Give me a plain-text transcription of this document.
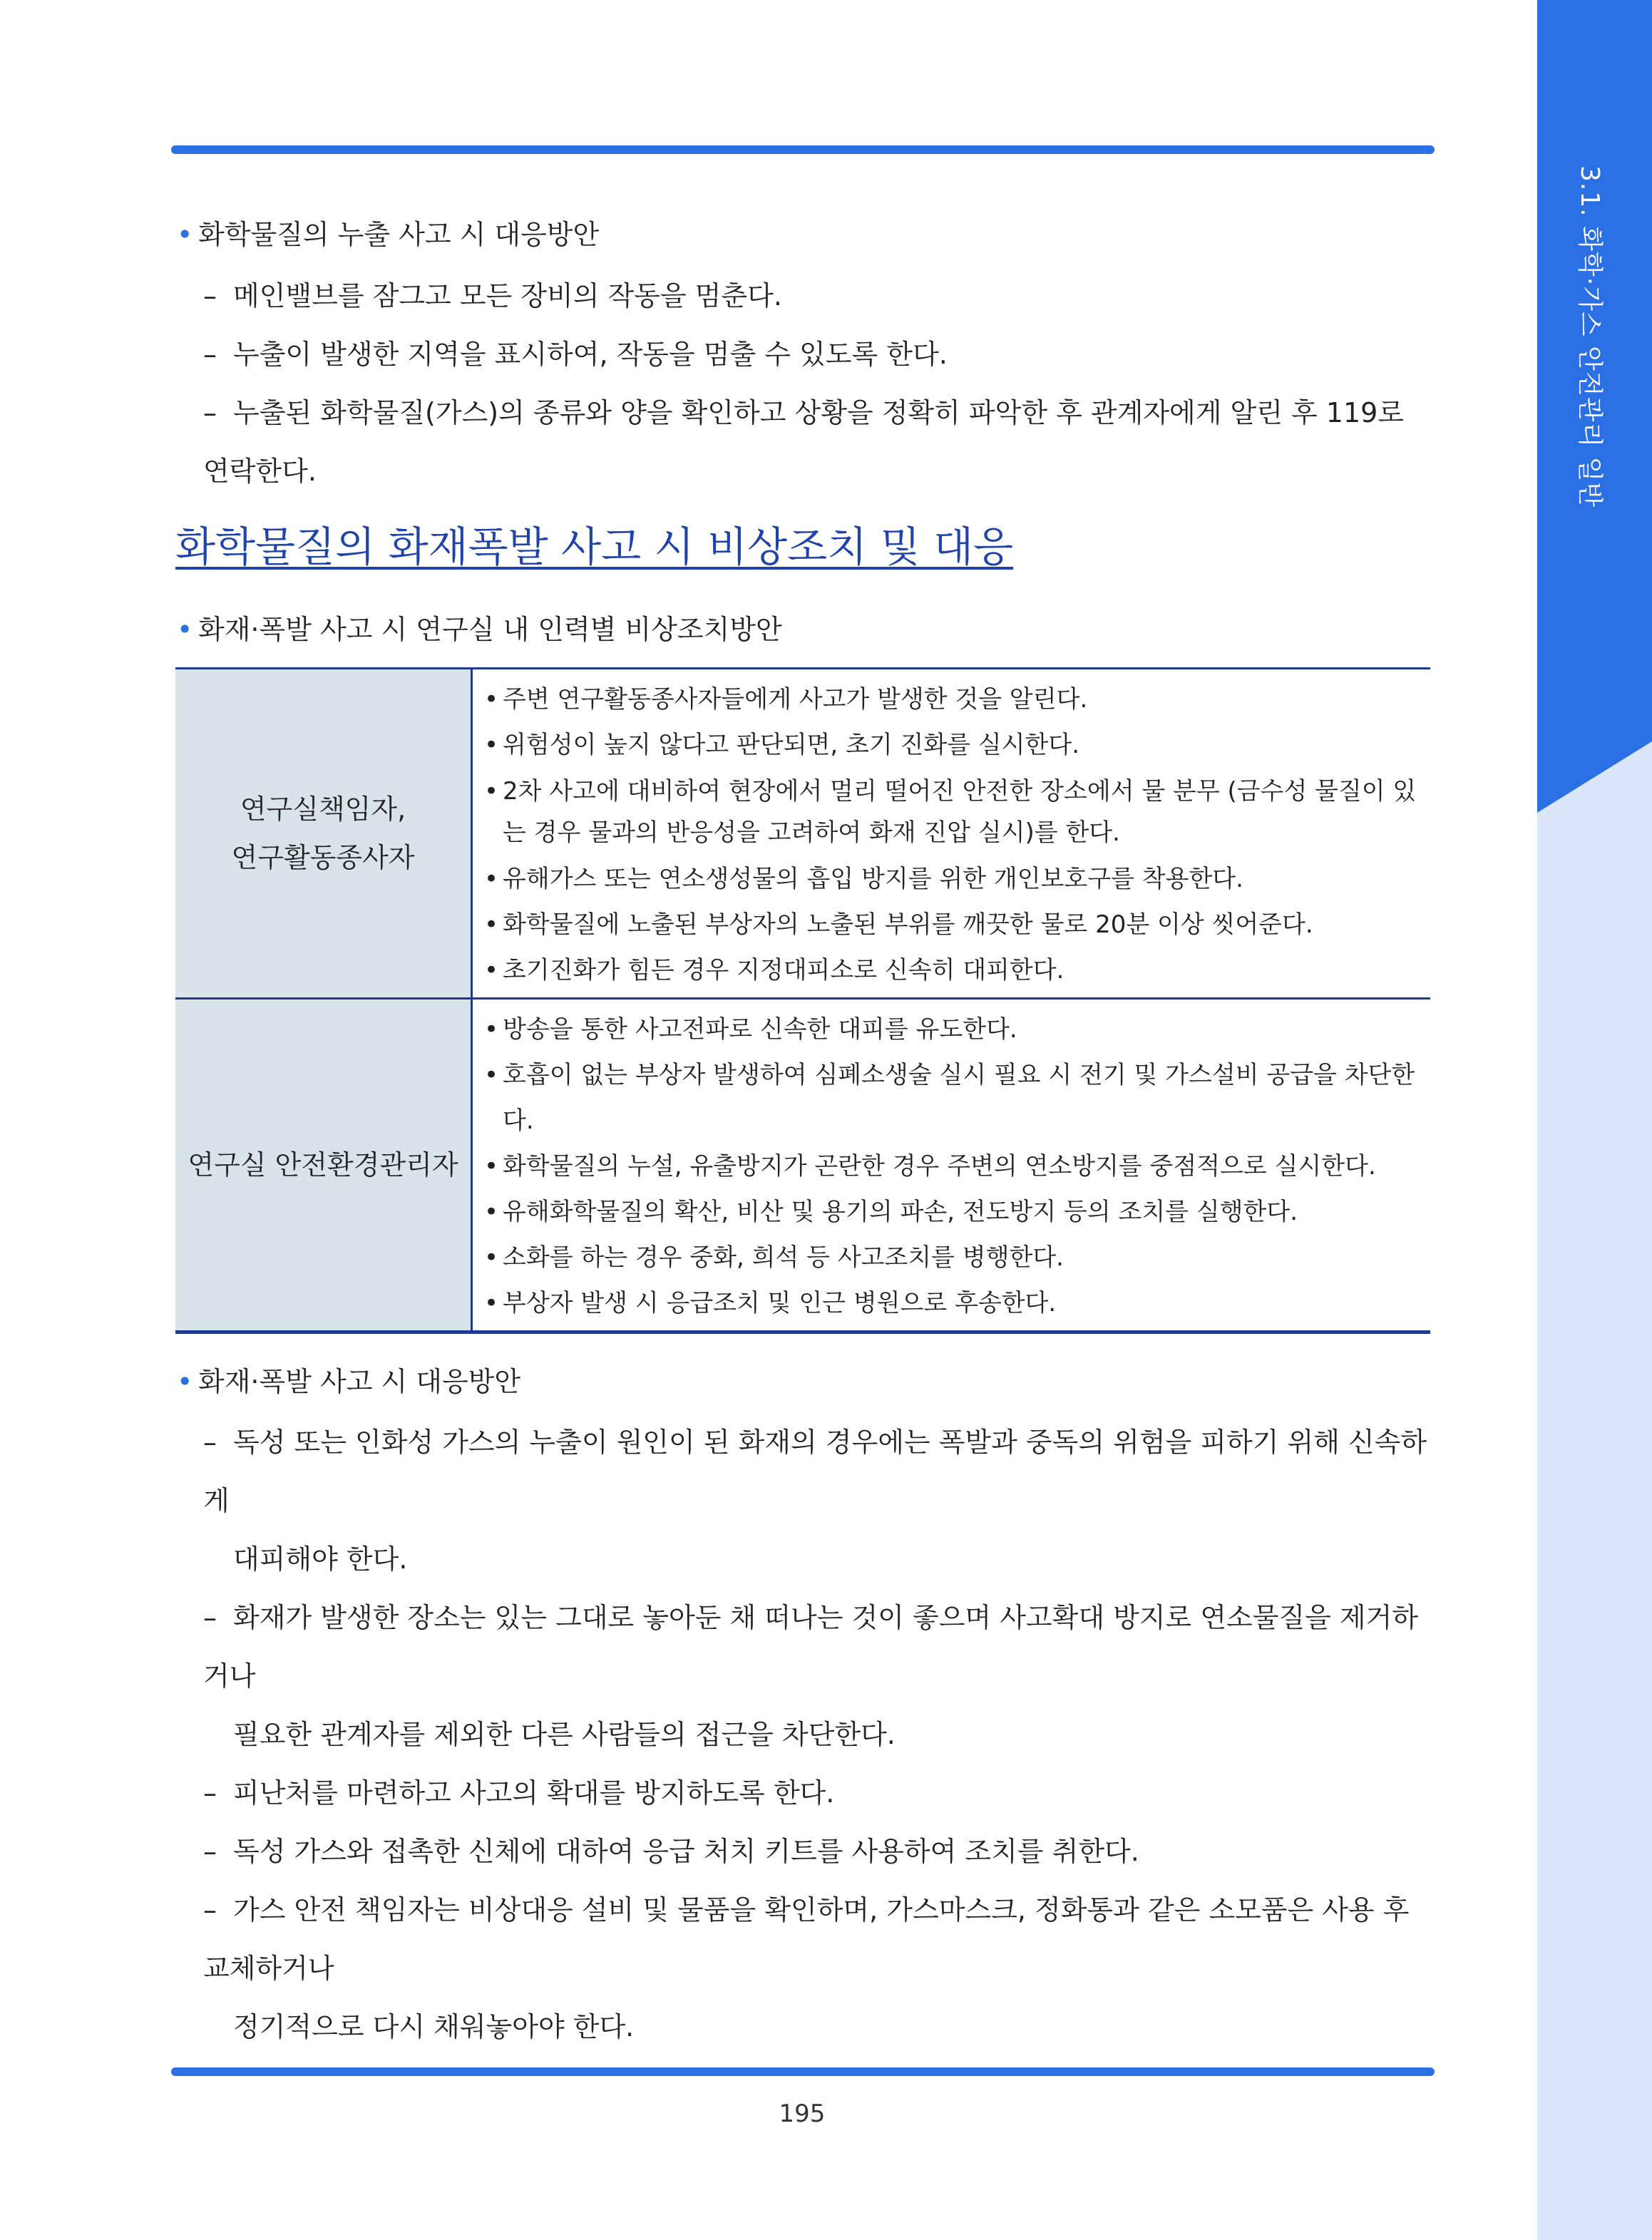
3.1. 화학·가스 안전관리 일반
• 화학물질의 누출 사고 시 대응방안
– 메인밸브를 잠그고 모든 장비의 작동을 멈춘다.
– 누출이 발생한 지역을 표시하여, 작동을 멈출 수 있도록 한다.
– 누출된 화학물질(가스)의 종류와 양을 확인하고 상황을 정확히 파악한 후 관계자에게 알린 후 119로 연락한다.
화학물질의 화재폭발 사고 시 비상조치 및 대응
• 화재·폭발 사고 시 연구실 내 인력별 비상조치방안
연구실책임자,
연구활동종사자
• 주변 연구활동종사자들에게 사고가 발생한 것을 알린다.
• 위험성이 높지 않다고 판단되면, 초기 진화를 실시한다.
• 2차 사고에 대비하여 현장에서 멀리 떨어진 안전한 장소에서 물 분무 (금수성 물질이 있는 경우 물과의 반응성을 고려하여 화재 진압 실시)를 한다.
• 유해가스 또는 연소생성물의 흡입 방지를 위한 개인보호구를 착용한다.
• 화학물질에 노출된 부상자의 노출된 부위를 깨끗한 물로 20분 이상 씻어준다.
• 초기진화가 힘든 경우 지정대피소로 신속히 대피한다.
연구실 안전환경관리자
• 방송을 통한 사고전파로 신속한 대피를 유도한다.
• 호흡이 없는 부상자 발생하여 심폐소생술 실시 필요 시 전기 및 가스설비 공급을 차단한다.
• 화학물질의 누설, 유출방지가 곤란한 경우 주변의 연소방지를 중점적으로 실시한다.
• 유해화학물질의 확산, 비산 및 용기의 파손, 전도방지 등의 조치를 실행한다.
• 소화를 하는 경우 중화, 희석 등 사고조치를 병행한다.
• 부상자 발생 시 응급조치 및 인근 병원으로 후송한다.
• 화재·폭발 사고 시 대응방안
– 독성 또는 인화성 가스의 누출이 원인이 된 화재의 경우에는 폭발과 중독의 위험을 피하기 위해 신속하게
대피해야 한다.
– 화재가 발생한 장소는 있는 그대로 놓아둔 채 떠나는 것이 좋으며 사고확대 방지로 연소물질을 제거하거나
필요한 관계자를 제외한 다른 사람들의 접근을 차단한다.
– 피난처를 마련하고 사고의 확대를 방지하도록 한다.
– 독성 가스와 접촉한 신체에 대하여 응급 처치 키트를 사용하여 조치를 취한다.
– 가스 안전 책임자는 비상대응 설비 및 물품을 확인하며, 가스마스크, 정화통과 같은 소모품은 사용 후 교체하거나
정기적으로 다시 채워놓아야 한다.
195
